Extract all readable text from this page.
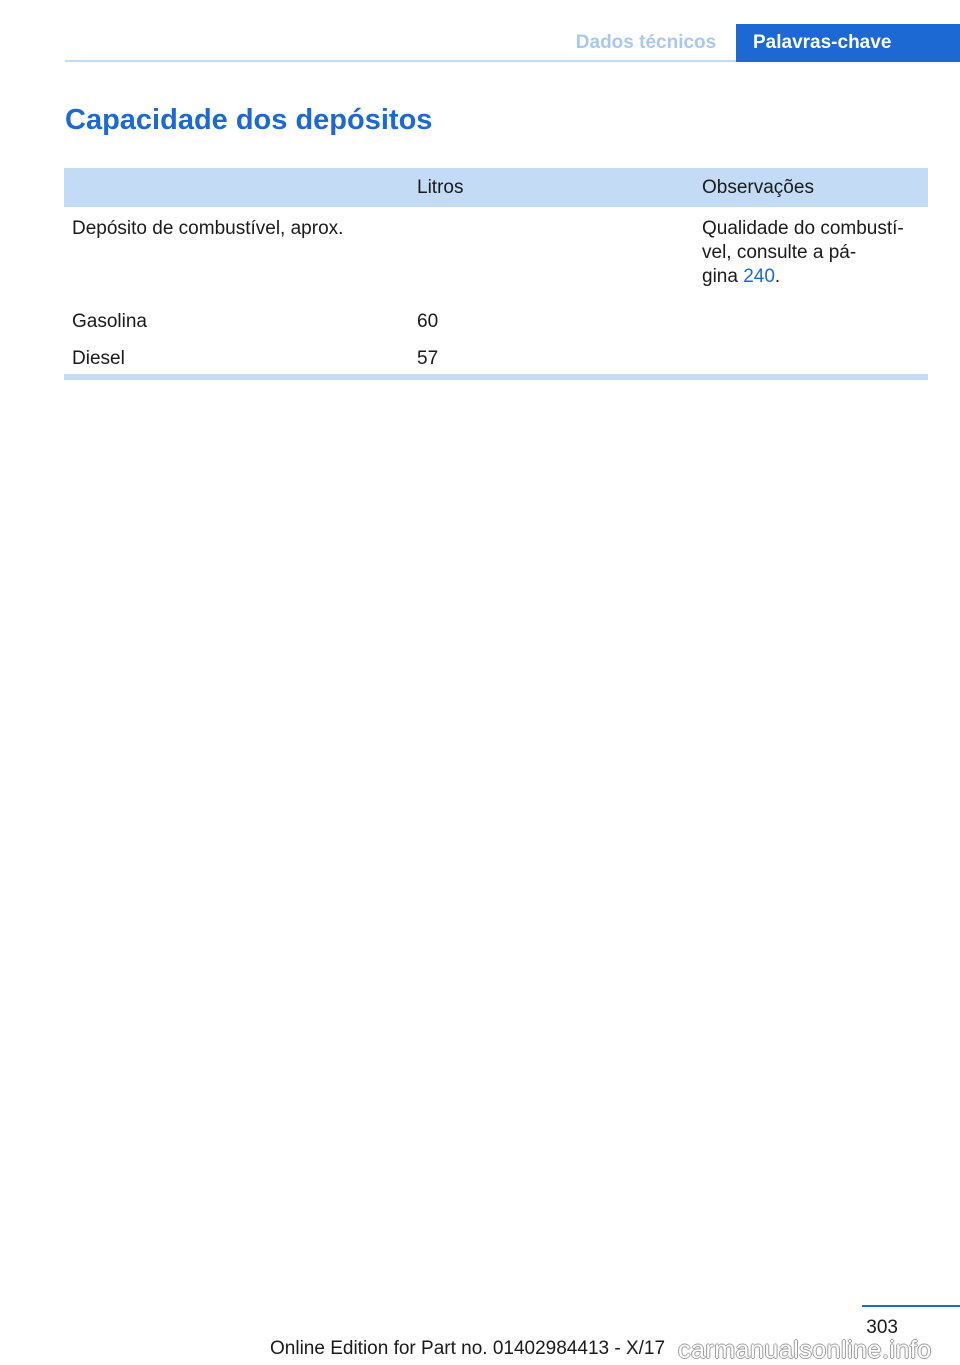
Dados técnicos	Palavras-chave
Capacidade dos depósitos
	Litros	Observações
Depósito de combustível, aprox.		Qualidade do combustí-
vel, consulte a pá-
gina 240.
Gasolina	60	
Diesel	57	
303
Online Edition for Part no. 01402984413 - X/17 carmanualsonline.info
